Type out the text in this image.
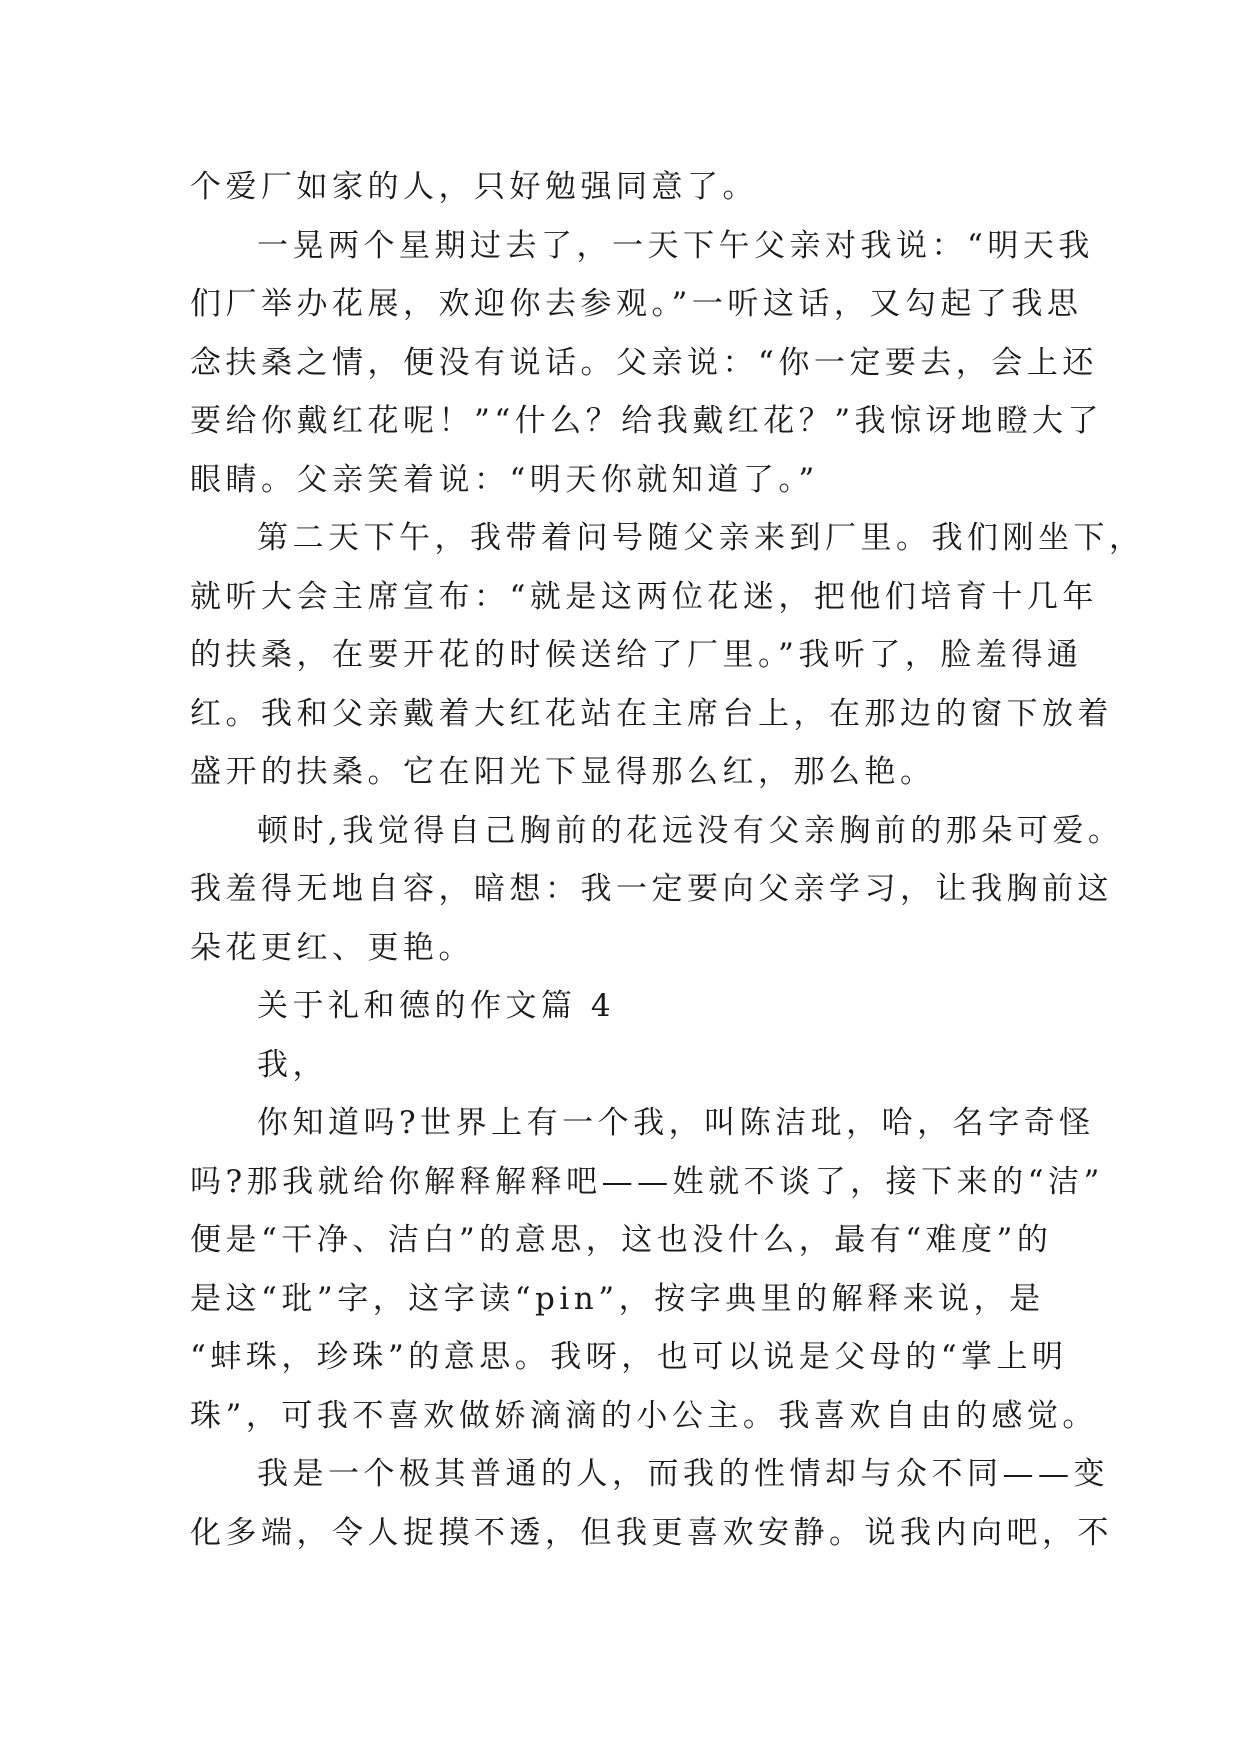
个爱厂如家的人，只好勉强同意了。
一晃两个星期过去了，一天下午父亲对我说：“明天我
们厂举办花展，欢迎你去参观。”一听这话，又勾起了我思
念扶桑之情，便没有说话。父亲说：“你一定要去，会上还
要给你戴红花呢！”“什么？给我戴红花？”我惊讶地瞪大了
眼睛。父亲笑着说：“明天你就知道了。”
第二天下午，我带着问号随父亲来到厂里。我们刚坐下，
就听大会主席宣布：“就是这两位花迷，把他们培育十几年
的扶桑，在要开花的时候送给了厂里。”我听了，脸羞得通
红。我和父亲戴着大红花站在主席台上，在那边的窗下放着
盛开的扶桑。它在阳光下显得那么红，那么艳。
顿时,我觉得自己胸前的花远没有父亲胸前的那朵可爱。
我羞得无地自容，暗想：我一定要向父亲学习，让我胸前这
朵花更红、更艳。
关于礼和德的作文篇 4
我，
你知道吗?世界上有一个我，叫陈洁玭，哈，名字奇怪
吗?那我就给你解释解释吧——姓就不谈了，接下来的“洁”
便是“干净、洁白”的意思，这也没什么，最有“难度”的
是这“玭”字，这字读“pin”，按字典里的解释来说，是
“蚌珠，珍珠”的意思。我呀，也可以说是父母的“掌上明
珠”，可我不喜欢做娇滴滴的小公主。我喜欢自由的感觉。
我是一个极其普通的人，而我的性情却与众不同——变
化多端，令人捉摸不透，但我更喜欢安静。说我内向吧，不
